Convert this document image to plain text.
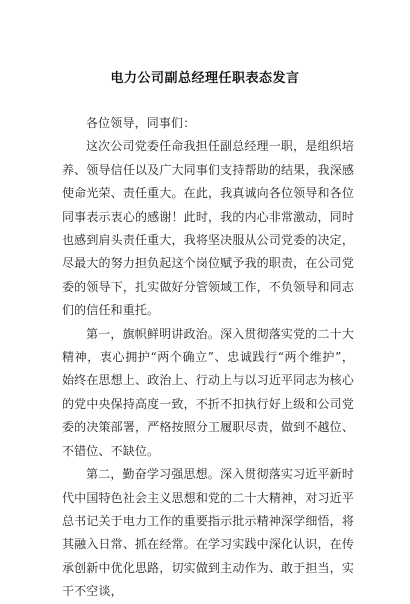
电力公司副总经理任职表态发言

各位领导，同事们：

这次公司党委任命我担任副总经理一职，是组织培养、领导信任以及广大同事们支持帮助的结果，我深感使命光荣、责任重大。在此，我真诚向各位领导和各位同事表示衷心的感谢！此时，我的内心非常激动，同时也感到肩头责任重大，我将坚决服从公司党委的决定，尽最大的努力担负起这个岗位赋予我的职责，在公司党委的领导下，扎实做好分管领域工作，不负领导和同志们的信任和重托。

第一，旗帜鲜明讲政治。深入贯彻落实党的二十大精神，衷心拥护“两个确立”、忠诚践行“两个维护”，始终在思想上、政治上、行动上与以习近平同志为核心的党中央保持高度一致，不折不扣执行好上级和公司党委的决策部署，严格按照分工履职尽责，做到不越位、不错位、不缺位。

第二，勤奋学习强思想。深入贯彻落实习近平新时代中国特色社会主义思想和党的二十大精神，对习近平总书记关于电力工作的重要指示批示精神深学细悟，将其融入日常、抓在经常。在学习实践中深化认识，在传承创新中优化思路，切实做到主动作为、敢于担当，实干不空谈，
